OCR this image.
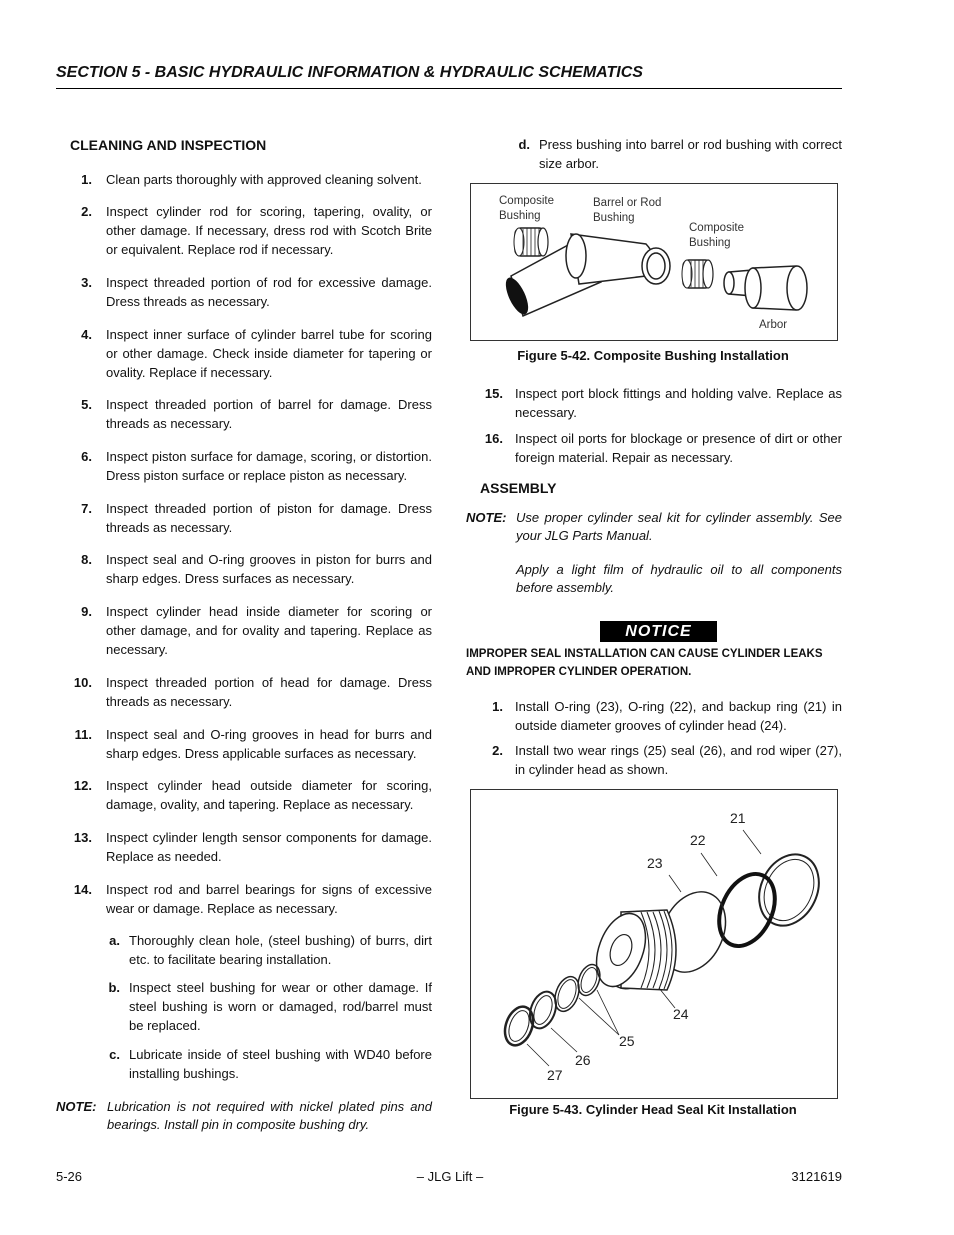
SECTION 5 - BASIC HYDRAULIC INFORMATION & HYDRAULIC SCHEMATICS
CLEANING AND INSPECTION
1. Clean parts thoroughly with approved cleaning solvent.
2. Inspect cylinder rod for scoring, tapering, ovality, or other damage. If necessary, dress rod with Scotch Brite or equivalent. Replace rod if necessary.
3. Inspect threaded portion of rod for excessive damage. Dress threads as necessary.
4. Inspect inner surface of cylinder barrel tube for scoring or other damage. Check inside diameter for tapering or ovality. Replace if necessary.
5. Inspect threaded portion of barrel for damage. Dress threads as necessary.
6. Inspect piston surface for damage, scoring, or distortion. Dress piston surface or replace piston as necessary.
7. Inspect threaded portion of piston for damage. Dress threads as necessary.
8. Inspect seal and O-ring grooves in piston for burrs and sharp edges. Dress surfaces as necessary.
9. Inspect cylinder head inside diameter for scoring or other damage, and for ovality and tapering. Replace as necessary.
10. Inspect threaded portion of head for damage. Dress threads as necessary.
11. Inspect seal and O-ring grooves in head for burrs and sharp edges. Dress applicable surfaces as necessary.
12. Inspect cylinder head outside diameter for scoring, damage, ovality, and tapering. Replace as necessary.
13. Inspect cylinder length sensor components for damage. Replace as needed.
14. Inspect rod and barrel bearings for signs of excessive wear or damage. Replace as necessary.
a. Thoroughly clean hole, (steel bushing) of burrs, dirt etc. to facilitate bearing installation.
b. Inspect steel bushing for wear or other damage. If steel bushing is worn or damaged, rod/barrel must be replaced.
c. Lubricate inside of steel bushing with WD40 before installing bushings.
NOTE: Lubrication is not required with nickel plated pins and bearings. Install pin in composite bushing dry.
d. Press bushing into barrel or rod bushing with correct size arbor.
Composite Bushing
Barrel or Rod Bushing
Composite Bushing
Arbor
Figure 5-42. Composite Bushing Installation
15. Inspect port block fittings and holding valve. Replace as necessary.
16. Inspect oil ports for blockage or presence of dirt or other foreign material. Repair as necessary.
ASSEMBLY
NOTE: Use proper cylinder seal kit for cylinder assembly. See your JLG Parts Manual.
Apply a light film of hydraulic oil to all components before assembly.
NOTICE
IMPROPER SEAL INSTALLATION CAN CAUSE CYLINDER LEAKS AND IMPROPER CYLINDER OPERATION.
1. Install O-ring (23), O-ring (22), and backup ring (21) in outside diameter grooves of cylinder head (24).
2. Install two wear rings (25) seal (26), and rod wiper (27), in cylinder head as shown.
21
22
23
24
25
26
27
Figure 5-43. Cylinder Head Seal Kit Installation
5-26	– JLG Lift –	3121619
